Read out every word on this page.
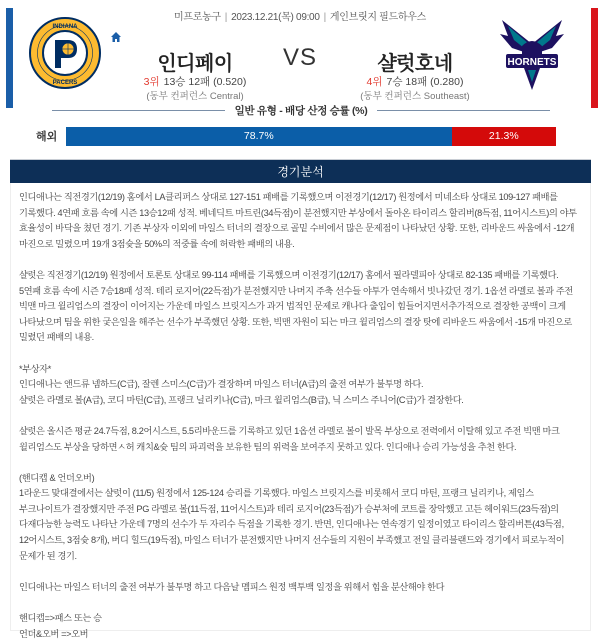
미프로농구 | 2023.12.21(목) 09:00 | 게인브릿지 필드하우스
INDIANA
PACERS
HORNETS
인디페이	VS	샬럿호네
3위 13승 12패 (0.520)	4위 7승 18패 (0.280)
(동부 컨퍼런스 Central)	(동부 컨퍼런스 Southeast)
일반 유형 - 배당 산정 승률 (%)
해외	78.7%	21.3%
경기분석
인디애나는 직전경기(12/19) 홈에서 LA클리퍼스 상대로 127-151 패배를 기록했으며 이전경기(12/17) 원정에서 미네소타 상대로 109-127 패배를 기록했다. 4연패 흐름 속에 시즌 13승12패 성적. 베네딕트 마트린(34득점)이 분전했지만 부상에서 돌아온 타이리스 할리버(8득점, 11어시스트)의 야투 효율성이 바닥을 쳤던 경기. 기존 부상자 이외에 마일스 터너의 결장으로 골밑 수비에서 많은 문제점이 나타났던 상황. 또한, 리바운드 싸움에서 -12개 마진으로 밀렸으며 19개 3점슛을 50%의 적중률 속에 허락한 패배의 내용.
샬럿은 직전경기(12/19) 원정에서 토론토 상대로 99-114 패배를 기록했으며 이전경기(12/17) 홈에서 필라델피아 상대로 82-135 패배를 기록했다. 5연패 흐름 속에 시즌 7승18패 성적. 테리 로지어(22득점)가 분전했지만 나머지 주축 선수들 야투가 연속해서 빗나갔던 경기. 1옵션 라멜로 볼과 주전 빅맨 마크 윌리엄스의 결장이 이어지는 가운데 마일스 브릿지스가 과거 법적인 문제로 캐나다 출입이 힘들어지면서추가적으로 결장한 공백이 크게 나타났으며 팀을 위한 궂은일을 해주는 선수가 부족했던 상황. 또한, 빅맨 자원이 되는 마크 윌리엄스의 결장 탓에 리바운드 싸움에서 -15개 마진으로 밀렸던 패배의 내용.
*부상자*
인디애나는 앤드류 넴하드(C급), 잘렌 스미스(C급)가 결장하며 마일스 터너(A급)의 출전 여부가 불투명 하다.
샬럿은 라멜로 볼(A급), 코디 마틴(C급), 프랭크 닐리키나(C급), 마크 윌리엄스(B급), 닉 스미스 주니어(C급)가 결장한다.
샬럿은 올시즌 평균 24.7득점, 8.2어시스트, 5.5리바운드를 기록하고 있던 1옵션 라멜로 볼이 발목 부상으로 전력에서 이탈해 있고 주전 빅맨 마크 윌리엄스도 부상을 당하면ㅅ허 캐치&슛 팀의 파괴력을 보유한 팀의 위력을 보여주지 못하고 있다. 인디애나 승리 가능성을 추천 한다.
(핸디캡 & 언더오버)
1라운드 맞대결에서는 샬럿이 (11/5) 원정에서 125-124 승리를 기록했다. 마일스 브릿지스를 비롯해서 코디 마틴, 프랭크 닐리키나, 제임스 부크나이트가 결장했지만 주전 PG 라멜로 볼(11득점, 11어시스트)과 테리 로지어(23득점)가 승부처에 코트를 장악했고 고든 헤이워드(23득점)의 다재다능한 능력도 나타난 가운데 7명의 선수가 두 자리수 득점을 기록한 경기. 반면, 인디애나는 연속경기 일정이였고 타이리스 할리버튼(43득점, 12어시스트, 3점슛 8개), 버디 힐드(19득점), 마일스 터너가 분전했지만 나머지 선수들의 지원이 부족했고 전일 클리블랜드와 경기에서 피로누적이 문제가 된 경기.
인디애나는 마일스 터너의 출전 여부가 불투명 하고 다음날 멤피스 원정 백투백 일정을 위해서 힘을 분산해야 한다
핸디캡=>패스 또는 승
언더&오버 =>오버
